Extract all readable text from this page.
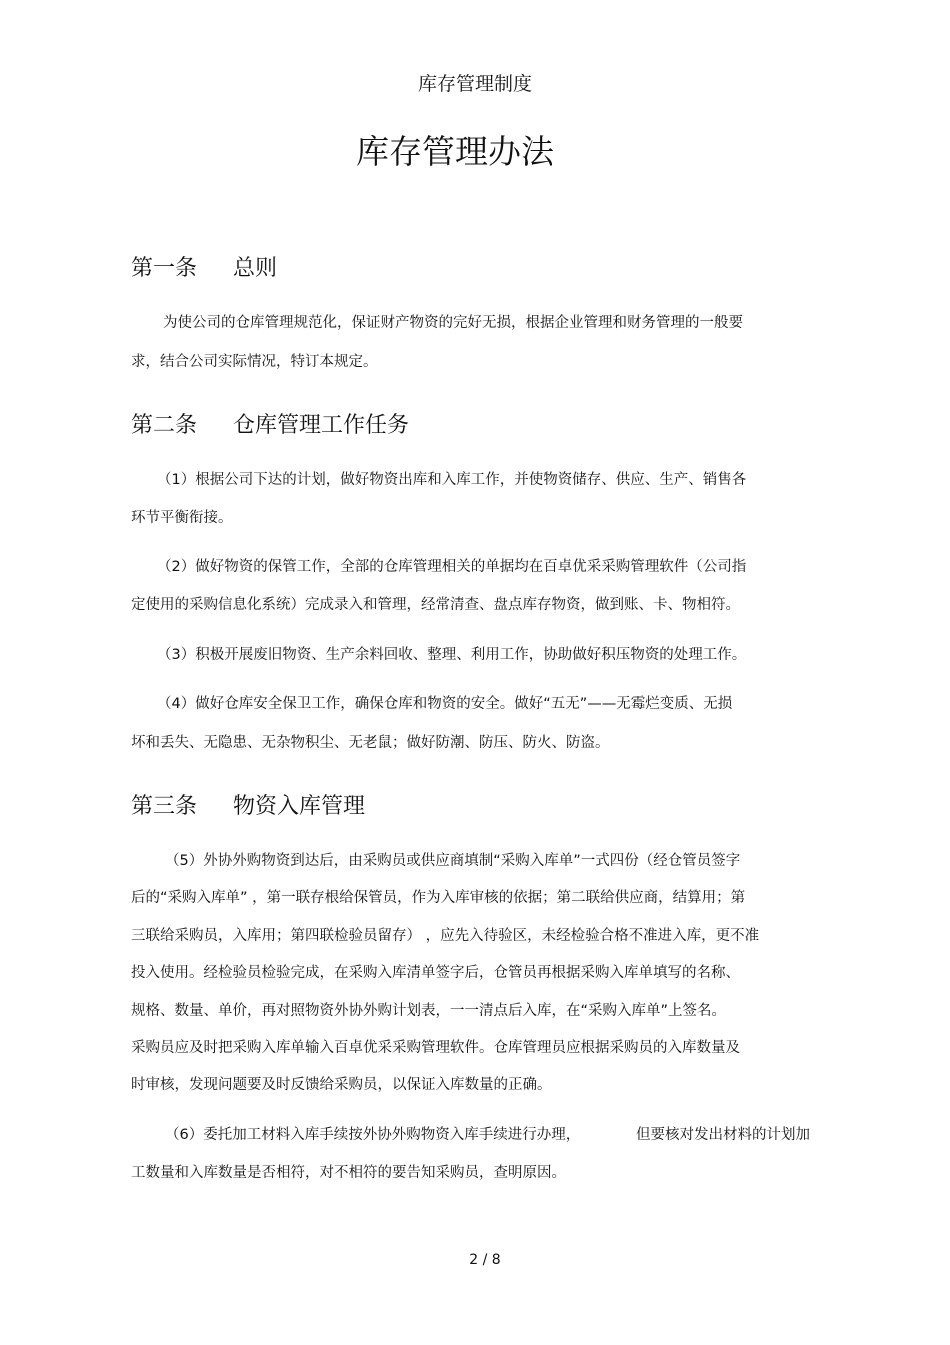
库存管理制度
库存管理办法
第一条 总则
为使公司的仓库管理规范化，保证财产物资的完好无损，根据企业管理和财务管理的一般要
求，结合公司实际情况，特订本规定。
第二条 仓库管理工作任务
（1）根据公司下达的计划，做好物资出库和入库工作，并使物资储存、供应、生产、销售各
环节平衡衔接。
（2）做好物资的保管工作，全部的仓库管理相关的单据均在百卓优采采购管理软件（公司指
定使用的采购信息化系统）完成录入和管理，经常清查、盘点库存物资，做到账、卡、物相符。
（3）积极开展废旧物资、生产余料回收、整理、利用工作，协助做好积压物资的处理工作。
（4）做好仓库安全保卫工作，确保仓库和物资的安全。做好“五无”——无霉烂变质、无损
坏和丢失、无隐患、无杂物积尘、无老鼠；做好防潮、防压、防火、防盗。
第三条 物资入库管理
（5）外协外购物资到达后，由采购员或供应商填制“采购入库单”一式四份（经仓管员签字
后的“采购入库单” ，第一联存根给保管员，作为入库审核的依据；第二联给供应商，结算用；第
三联给采购员，入库用；第四联检验员留存） ，应先入待验区，未经检验合格不准进入库，更不准
投入使用。经检验员检验完成，在采购入库清单签字后，仓管员再根据采购入库单填写的名称、
规格、数量、单价，再对照物资外协外购计划表，一一清点后入库，在“采购入库单”上签名。
采购员应及时把采购入库单输入百卓优采采购管理软件。仓库管理员应根据采购员的入库数量及
时审核，发现问题要及时反馈给采购员，以保证入库数量的正确。
（6）委托加工材料入库手续按外协外购物资入库手续进行办理，	但要核对发出材料的计划加
工数量和入库数量是否相符，对不相符的要告知采购员，查明原因。
2 / 8
